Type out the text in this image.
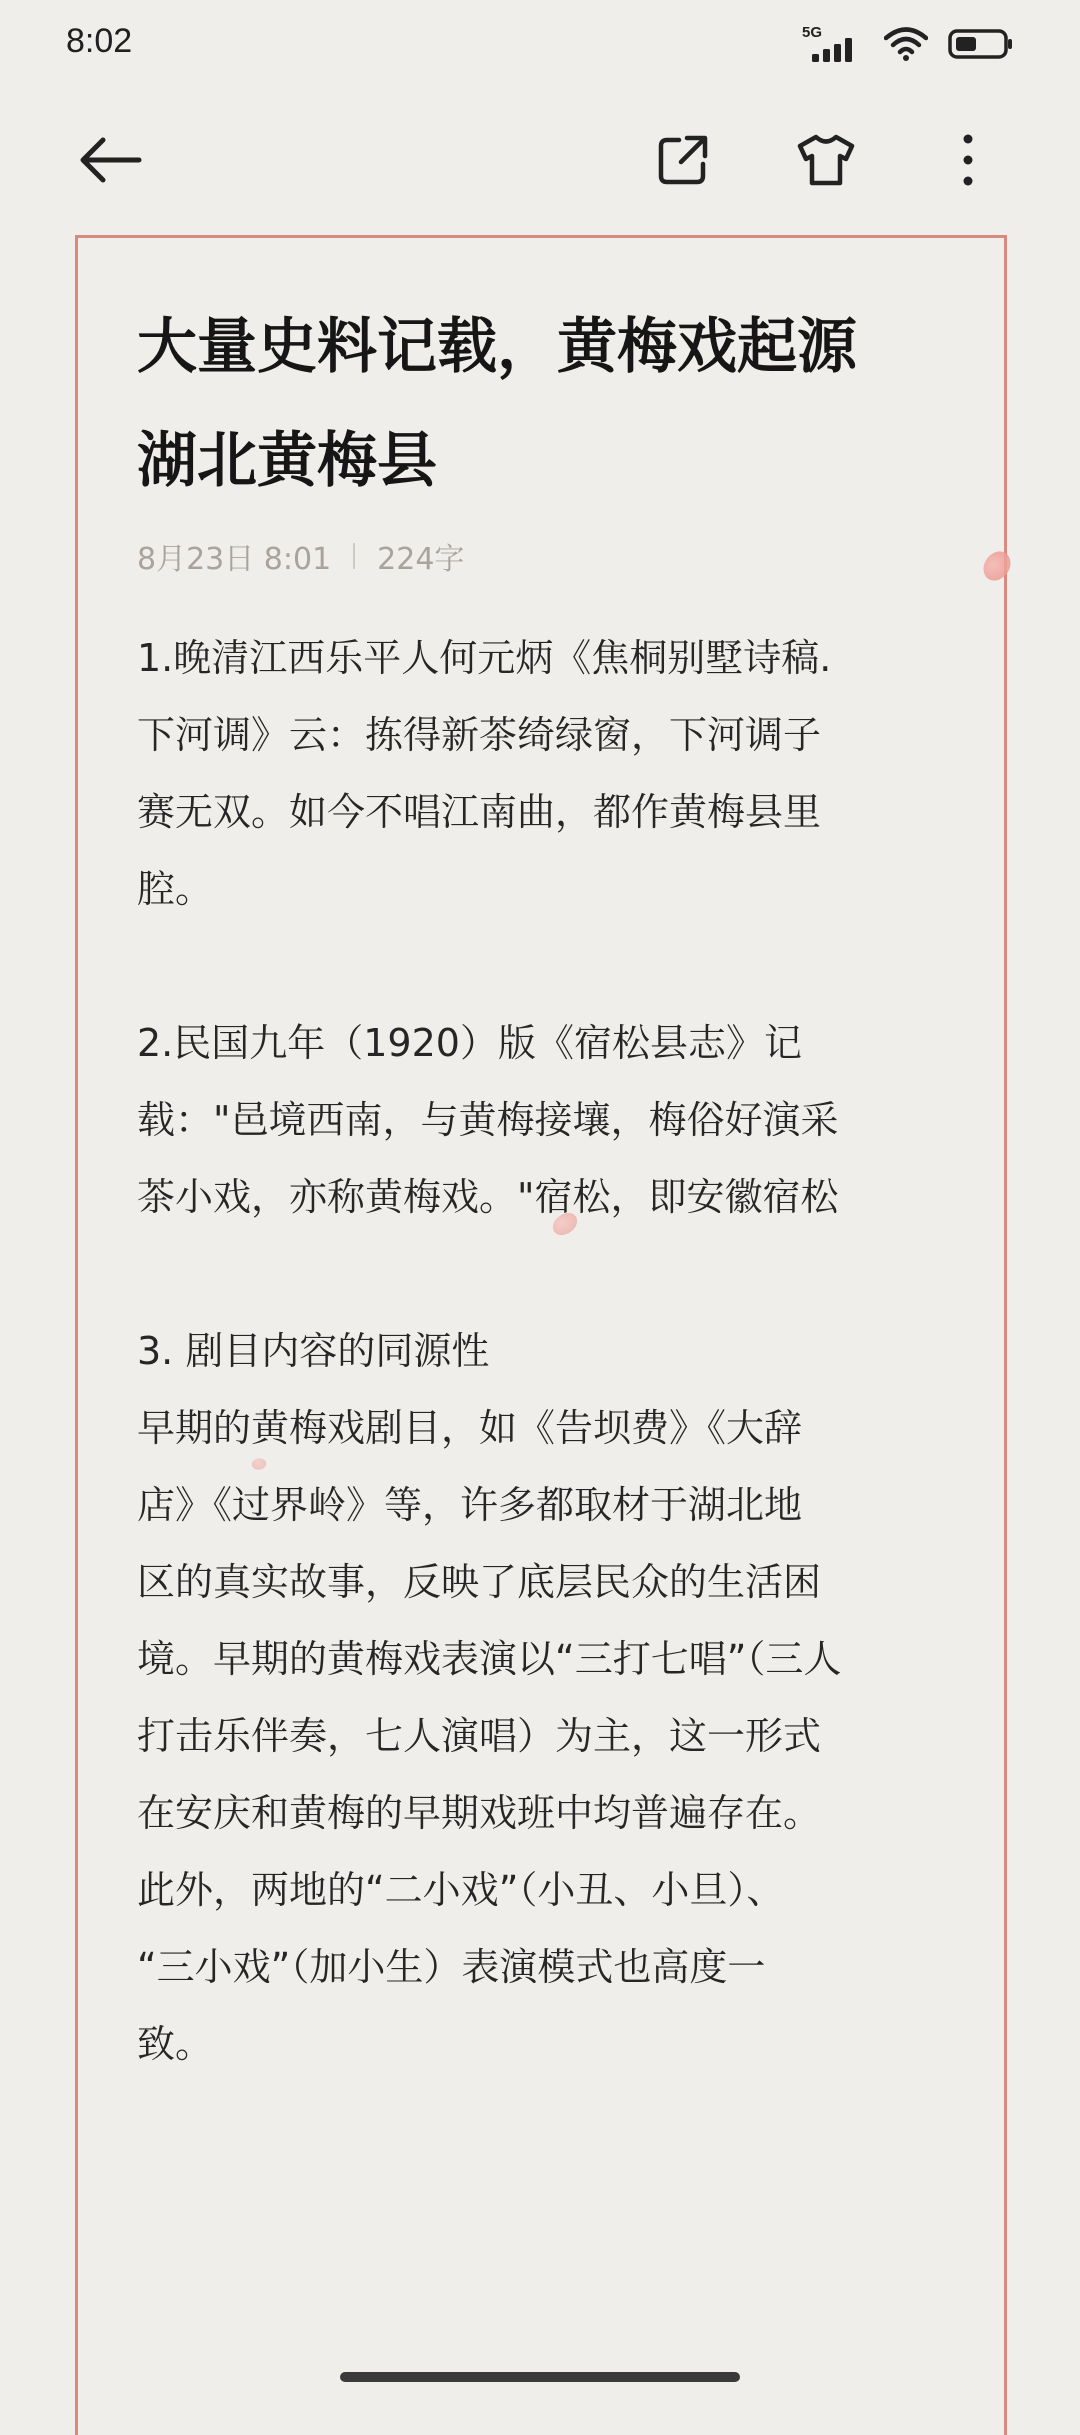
8:02	5G
大量史料记载，黄梅戏起源
湖北黄梅县
8月23日 8:01 224字
1.晚清江西乐平人何元炳《焦桐别墅诗稿.
下河调》云：拣得新茶绮绿窗，下河调子
赛无双。如今不唱江南曲，都作黄梅县里
腔。
2.民国九年（1920）版《宿松县志》记
载："邑境西南，与黄梅接壤，梅俗好演采
茶小戏，亦称黄梅戏。"宿松，即安徽宿松
3. 剧目内容的同源性
早期的黄梅戏剧目，如《告坝费》《大辞
店》《过界岭》等，许多都取材于湖北地
区的真实故事，反映了底层民众的生活困
境。早期的黄梅戏表演以“三打七唱”（三人
打击乐伴奏，七人演唱）为主，这一形式
在安庆和黄梅的早期戏班中均普遍存在。
此外，两地的“二小戏”（小丑、小旦）、
“三小戏”（加小生）表演模式也高度一
致。
